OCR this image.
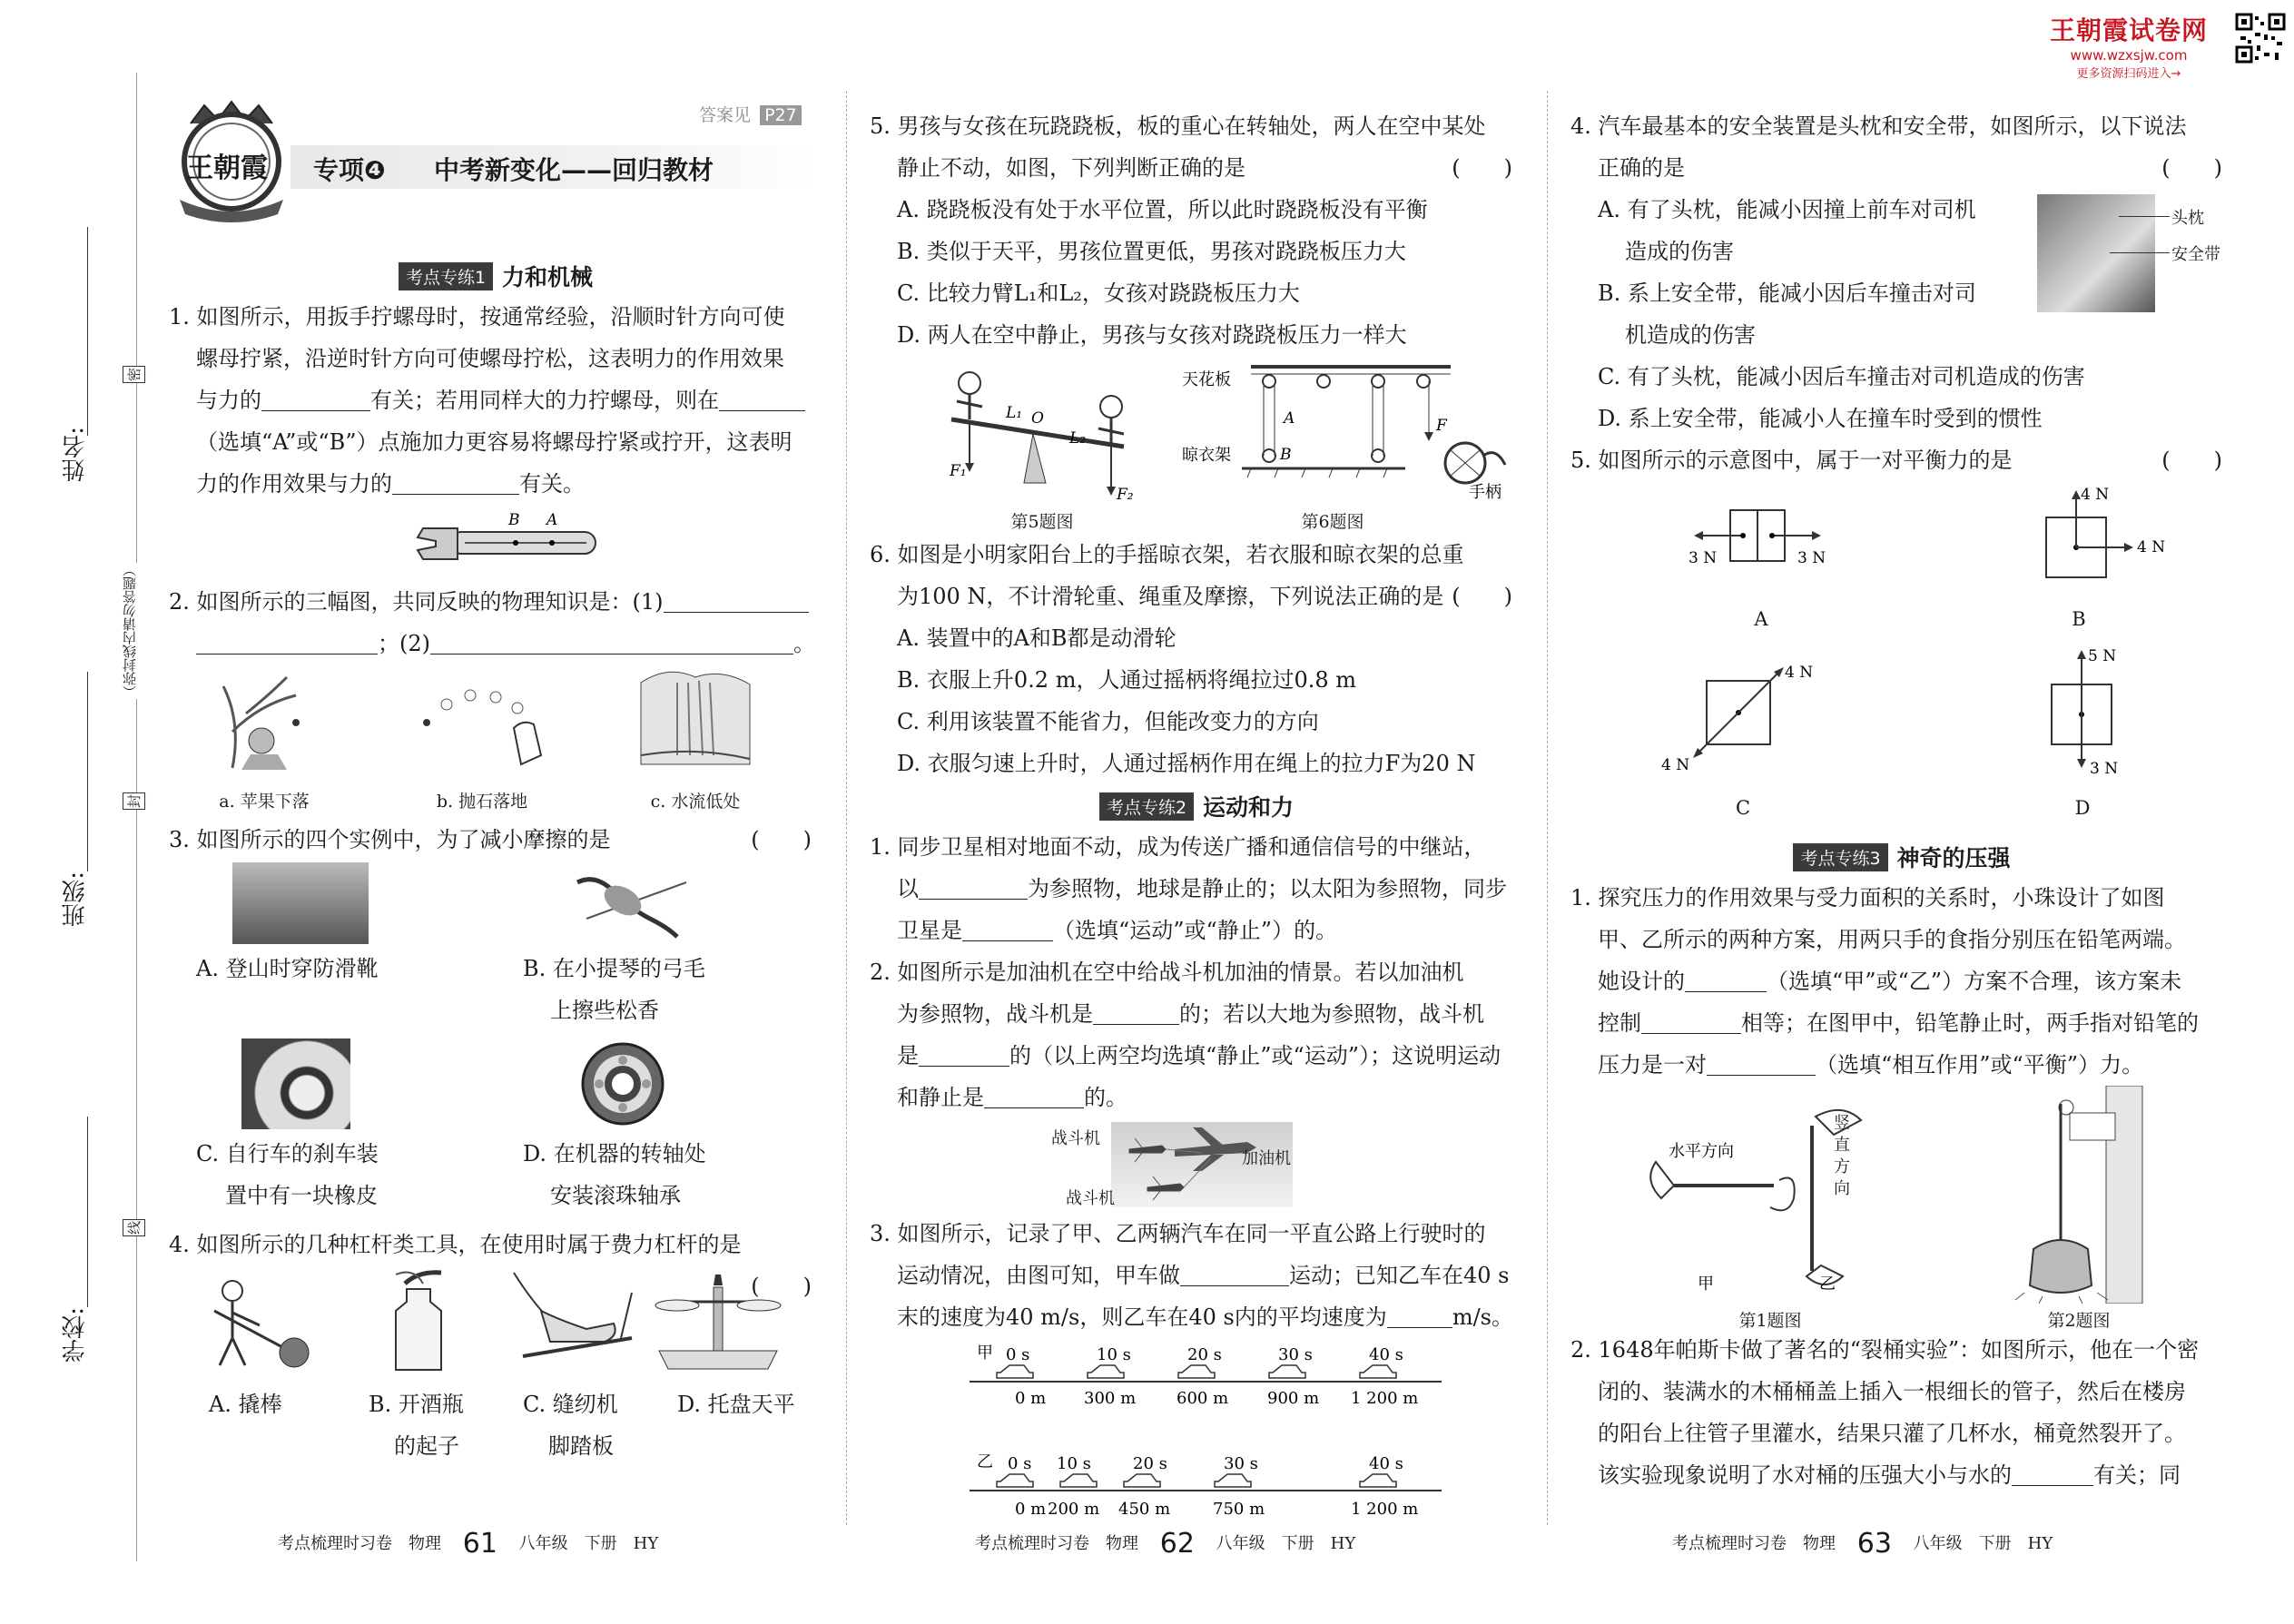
王朝霞试卷网
www.wzxsjw.com
更多资源扫码进入→
姓名:
班级:
学校:
（弥封线内请勿答题）
密
封
线
王朝霞 专项❹ 中考新变化——回归教材
答案见 P27
考点专练1 力和机械
1. 如图所示，用扳手拧螺母时，按通常经验，沿顺时针方向可使
螺母拧紧，沿逆时针方向可使螺母拧松，这表明力的作用效果
与力的	有关；若用同样大的力拧螺母，则在
（选填“A”或“B”）点施加力更容易将螺母拧紧或拧开，这表明
力的作用效果与力的	有关。
B A
2. 如图所示的三幅图，共同反映的物理知识是：(1)
；(2)	。
a. 苹果下落	b. 抛石落地	c. 水流低处
3. 如图所示的四个实例中，为了减小摩擦的是	(　　)
A. 登山时穿防滑靴	B. 在小提琴的弓毛
上擦些松香
C. 自行车的刹车装
置中有一块橡皮
D. 在机器的转轴处
安装滚珠轴承
4. 如图所示的几种杠杆类工具，在使用时属于费力杠杆的是
(　　)
A. 撬棒	B. 开酒瓶
的起子
C. 缝纫机
脚踏板
D. 托盘天平
5. 男孩与女孩在玩跷跷板，板的重心在转轴处，两人在空中某处
静止不动，如图，下列判断正确的是	(　　)
A. 跷跷板没有处于水平位置，所以此时跷跷板没有平衡
B. 类似于天平，男孩位置更低，男孩对跷跷板压力大
C. 比较力臂L₁和L₂，女孩对跷跷板压力大
D. 两人在空中静止，男孩与女孩对跷跷板压力一样大
F₁
L₁ O
L₂
F₂
第5题图
天花板
A
晾衣架	B
F
手柄
第6题图
6. 如图是小明家阳台上的手摇晾衣架，若衣服和晾衣架的总重
为100 N，不计滑轮重、绳重及摩擦，下列说法正确的是 (　　)
A. 装置中的A和B都是动滑轮
B. 衣服上升0.2 m，人通过摇柄将绳拉过0.8 m
C. 利用该装置不能省力，但能改变力的方向
D. 衣服匀速上升时，人通过摇柄作用在绳上的拉力F为20 N
考点专练2 运动和力
1. 同步卫星相对地面不动，成为传送广播和通信信号的中继站，
以	为参照物，地球是静止的；以太阳为参照物，同步
卫星是	（选填“运动”或“静止”）的。
2. 如图所示是加油机在空中给战斗机加油的情景。若以加油机
为参照物，战斗机是	的；若以大地为参照物，战斗机
是	的（以上两空均选填“静止”或“运动”）；这说明运动
和静止是	的。
战斗机
加油机
战斗机
3. 如图所示，记录了甲、乙两辆汽车在同一平直公路上行驶时的
运动情况，由图可知，甲车做	运动；已知乙车在40 s
末的速度为40 m/s，则乙车在40 s内的平均速度为	m/s。
甲 0 s	10 s	20 s	30 s	40 s
0 m 300 m 600 m 900 m 1 200 m
乙 0 s 10 s	20 s	30 s	40 s
0 m 200 m 450 m	750 m	1 200 m
4. 汽车最基本的安全装置是头枕和安全带，如图所示，以下说法
正确的是	(　　)
A. 有了头枕，能减小因撞上前车对司机
造成的伤害
B. 系上安全带，能减小因后车撞击对司
机造成的伤害
头枕
安全带
C. 有了头枕，能减小因后车撞击对司机造成的伤害
D. 系上安全带，能减小人在撞车时受到的惯性
5. 如图所示的示意图中，属于一对平衡力的是	(　　)
3 N	3 N
A
4 N
4 N
B
4 N
4 N
C
5 N
3 N
D
考点专练3 神奇的压强
1. 探究压力的作用效果与受力面积的关系时，小珠设计了如图
甲、乙所示的两种方案，用两只手的食指分别压在铅笔两端。
她设计的	（选填“甲”或“乙”）方案不合理，该方案未
控制	相等；在图甲中，铅笔静止时，两手指对铅笔的
压力是一对	（选填“相互作用”或“平衡”）力。
水平方向
甲	乙
竖直方向
第1题图	第2题图
2. 1648年帕斯卡做了著名的“裂桶实验”：如图所示，他在一个密
闭的、装满水的木桶桶盖上插入一根细长的管子，然后在楼房
的阳台上往管子里灌水，结果只灌了几杯水，桶竟然裂开了。
该实验现象说明了水对桶的压强大小与水的	有关；同
考点梳理时习卷　物理 61 八年级　下册　HY	考点梳理时习卷　物理 62 八年级　下册　HY	考点梳理时习卷　物理 63 八年级　下册　HY
